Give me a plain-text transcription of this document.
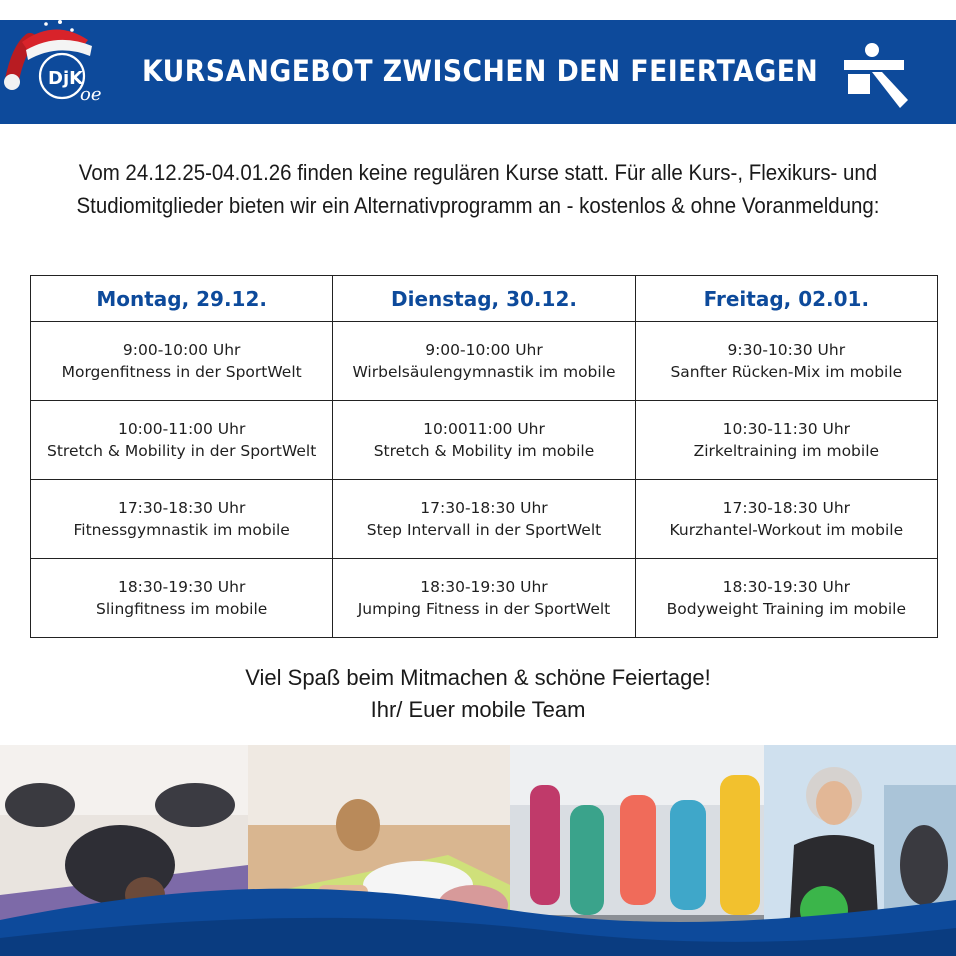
KURSANGEBOT ZWISCHEN DEN FEIERTAGEN
DjK
oe
Vom 24.12.25-04.01.26 finden keine regulären Kurse statt. Für alle Kurs-, Flexikurs- und
Studiomitglieder bieten wir ein Alternativprogramm an - kostenlos & ohne Voranmeldung:
Montag, 29.12.	Dienstag, 30.12.	Freitag, 02.01.

9:00-10:00 Uhr
Morgenfitness in der SportWelt	9:00-10:00 Uhr
Wirbelsäulengymnastik im mobile	9:30-10:30 Uhr
Sanfter Rücken-Mix im mobile

10:00-11:00 Uhr
Stretch & Mobility in der SportWelt	10:0011:00 Uhr
Stretch & Mobility im mobile	10:30-11:30 Uhr
Zirkeltraining im mobile

17:30-18:30 Uhr
Fitnessgymnastik im mobile	17:30-18:30 Uhr
Step Intervall in der SportWelt	17:30-18:30 Uhr
Kurzhantel-Workout im mobile

18:30-19:30 Uhr
Slingfitness im mobile	18:30-19:30 Uhr
Jumping Fitness in der SportWelt	18:30-19:30 Uhr
Bodyweight Training im mobile
Viel Spaß beim Mitmachen & schöne Feiertage!
Ihr/ Euer mobile Team
